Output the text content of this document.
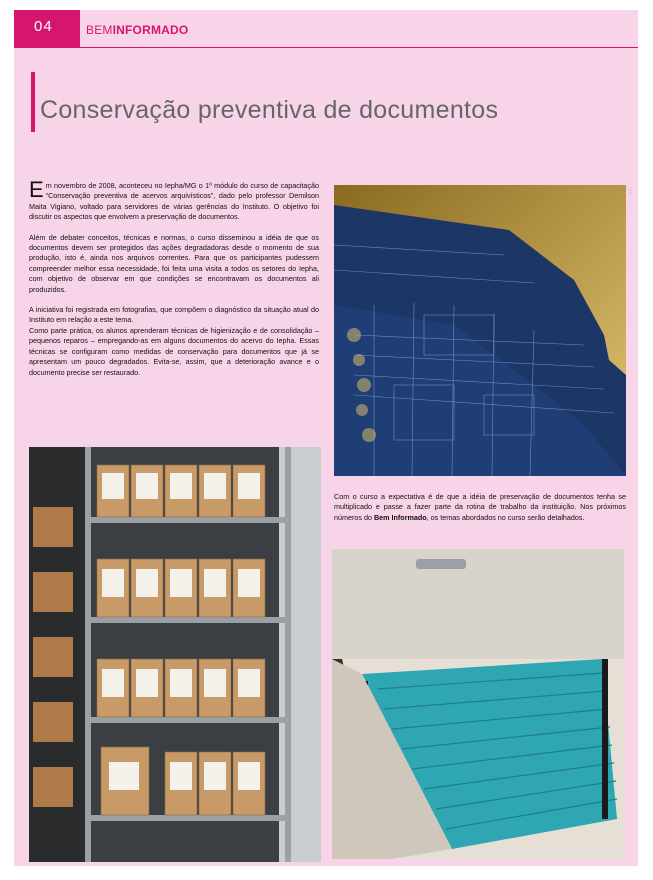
04	BEMINFORMADO
Conservação preventiva de documentos

Em novembro de 2008, aconteceu no Iepha/MG o 1º módulo do curso de capacitação “Conservação preventiva de acervos arquivísticos”, dado pelo professor Demilson Maita Vigiano, voltado para servidores de várias gerências do Instituto. O objetivo foi discutir os aspectos que envolvem a preservação de documentos.

Além de debater conceitos, técnicas e normas, o curso disseminou a idéia de que os documentos devem ser protegidos das ações degradadoras desde o momento de sua produção, isto é, ainda nos arquivos correntes. Para que os participantes pudessem compreender melhor essa necessidade, foi feita uma visita a todos os setores do Iepha, com objetivo de observar em que condições se encontravam os documentos ali produzidos.

A iniciativa foi registrada em fotografias, que compõem o diagnóstico da situação atual do Instituto em relação a este tema.

Como parte prática, os alunos aprenderam técnicas de higienização e de consolidação – pequenos reparos – empregando-as em alguns documentos do acervo do Iepha. Essas técnicas se configuram como medidas de conservação para documentos que já se apresentam um pouco degradados. Evita-se, assim, que a deterioração avance e o documento precise ser restaurado.

····
Com o curso a expectativa é de que a idéia de preservação de documentos tenha se multiplicado e passe a fazer parte da rotina de trabalho da instituição. Nos próximos números do Bem Informado, os temas abordados no curso serão detalhados.
